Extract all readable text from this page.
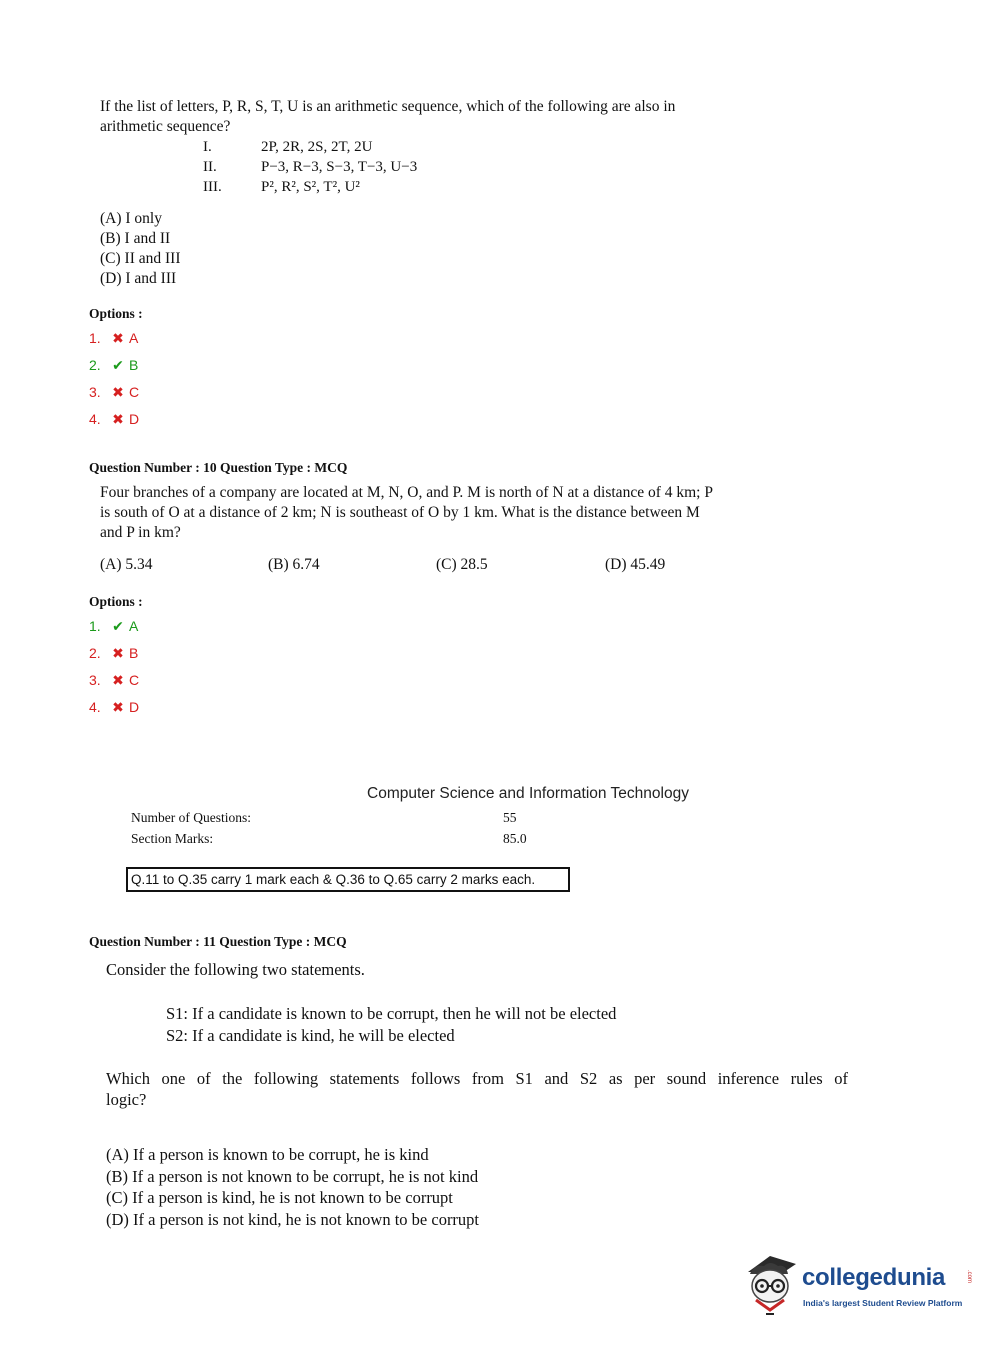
If the list of letters, P, R, S, T, U is an arithmetic sequence, which of the following are also in
arithmetic sequence?
I.	2P, 2R, 2S, 2T, 2U
II.	P−3, R−3, S−3, T−3, U−3
III.	P², R², S², T², U²
(A) I only
(B) I and II
(C) II and III
(D) I and III
Options :
1. ✖ A
2. ✔ B
3. ✖ C
4. ✖ D
Question Number : 10 Question Type : MCQ
Four branches of a company are located at M, N, O, and P. M is north of N at a distance of 4 km; P
is south of O at a distance of 2 km; N is southeast of O by 1 km. What is the distance between M
and P in km?
(A) 5.34	(B) 6.74	(C) 28.5	(D) 45.49
Options :
1. ✔ A
2. ✖ B
3. ✖ C
4. ✖ D
Computer Science and Information Technology
Number of Questions:	55
Section Marks:	85.0
Q.11 to Q.35 carry 1 mark each & Q.36 to Q.65 carry 2 marks each.
Question Number : 11 Question Type : MCQ
Consider the following two statements.
S1: If a candidate is known to be corrupt, then he will not be elected
S2: If a candidate is kind, he will be elected
Which one of the following statements follows from S1 and S2 as per sound inference rules of
logic?
(A) If a person is known to be corrupt, he is kind
(B) If a person is not known to be corrupt, he is not kind
(C) If a person is kind, he is not known to be corrupt
(D) If a person is not kind, he is not known to be corrupt
collegedunia	.com
India's largest Student Review Platform
